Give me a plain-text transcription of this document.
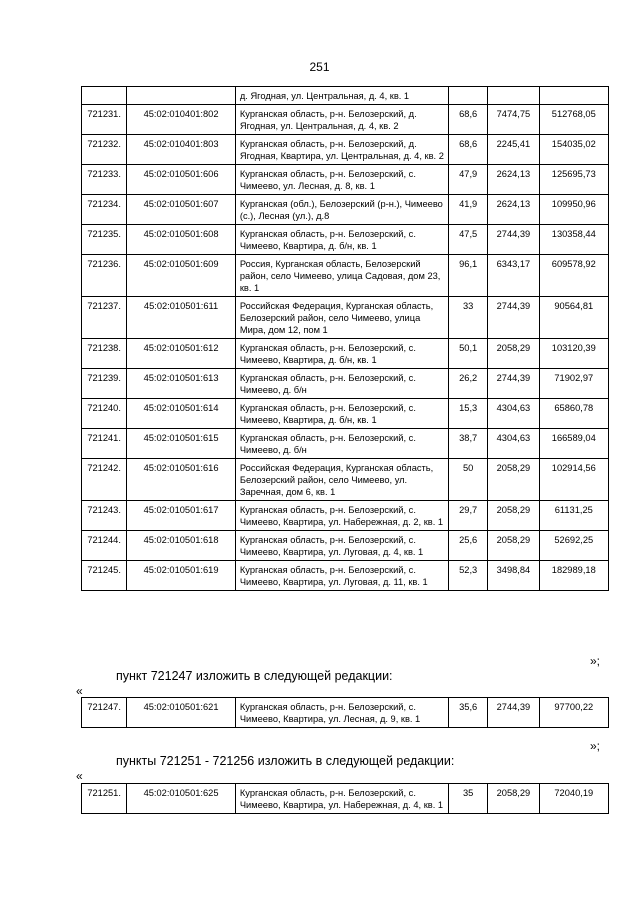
251
		д. Ягодная, ул. Центральная, д. 4, кв. 1			
721231.	45:02:010401:802	Курганская область, р-н. Белозерский, д. Ягодная, ул. Центральная, д. 4, кв. 2	68,6	7474,75	512768,05
721232.	45:02:010401:803	Курганская область, р-н. Белозерский, д. Ягодная, Квартира, ул. Центральная, д. 4, кв. 2	68,6	2245,41	154035,02
721233.	45:02:010501:606	Курганская область, р-н. Белозерский, с. Чимеево, ул. Лесная, д. 8, кв. 1	47,9	2624,13	125695,73
721234.	45:02:010501:607	Курганская (обл.), Белозерский (р-н.), Чимеево (с.), Лесная (ул.), д.8	41,9	2624,13	109950,96
721235.	45:02:010501:608	Курганская область, р-н. Белозерский, с. Чимеево, Квартира, д. б/н, кв. 1	47,5	2744,39	130358,44
721236.	45:02:010501:609	Россия, Курганская область, Белозерский район, село Чимеево, улица Садовая, дом 23, кв. 1	96,1	6343,17	609578,92
721237.	45:02:010501:611	Российская Федерация, Курганская область, Белозерский район, село Чимеево, улица Мира, дом 12, пом 1	33	2744,39	90564,81
721238.	45:02:010501:612	Курганская область, р-н. Белозерский, с. Чимеево, Квартира, д. б/н, кв. 1	50,1	2058,29	103120,39
721239.	45:02:010501:613	Курганская область, р-н. Белозерский, с. Чимеево, д. б/н	26,2	2744,39	71902,97
721240.	45:02:010501:614	Курганская область, р-н. Белозерский, с. Чимеево, Квартира, д. б/н, кв. 1	15,3	4304,63	65860,78
721241.	45:02:010501:615	Курганская область, р-н. Белозерский, с. Чимеево, д. б/н	38,7	4304,63	166589,04
721242.	45:02:010501:616	Российская Федерация, Курганская область, Белозерский район, село Чимеево, ул. Заречная, дом 6, кв. 1	50	2058,29	102914,56
721243.	45:02:010501:617	Курганская область, р-н. Белозерский, с. Чимеево, Квартира, ул. Набережная, д. 2, кв. 1	29,7	2058,29	61131,25
721244.	45:02:010501:618	Курганская область, р-н. Белозерский, с. Чимеево, Квартира, ул. Луговая, д. 4, кв. 1	25,6	2058,29	52692,25
721245.	45:02:010501:619	Курганская область, р-н. Белозерский, с. Чимеево, Квартира, ул. Луговая, д. 11, кв. 1	52,3	3498,84	182989,18
»;
пункт 721247 изложить в следующей редакции:
«
721247.	45:02:010501:621	Курганская область, р-н. Белозерский, с. Чимеево, Квартира, ул. Лесная, д. 9, кв. 1	35,6	2744,39	97700,22
»;
пункты 721251 - 721256 изложить в следующей редакции:
«
721251.	45:02:010501:625	Курганская область, р-н. Белозерский, с. Чимеево, Квартира, ул. Набережная, д. 4, кв. 1	35	2058,29	72040,19
